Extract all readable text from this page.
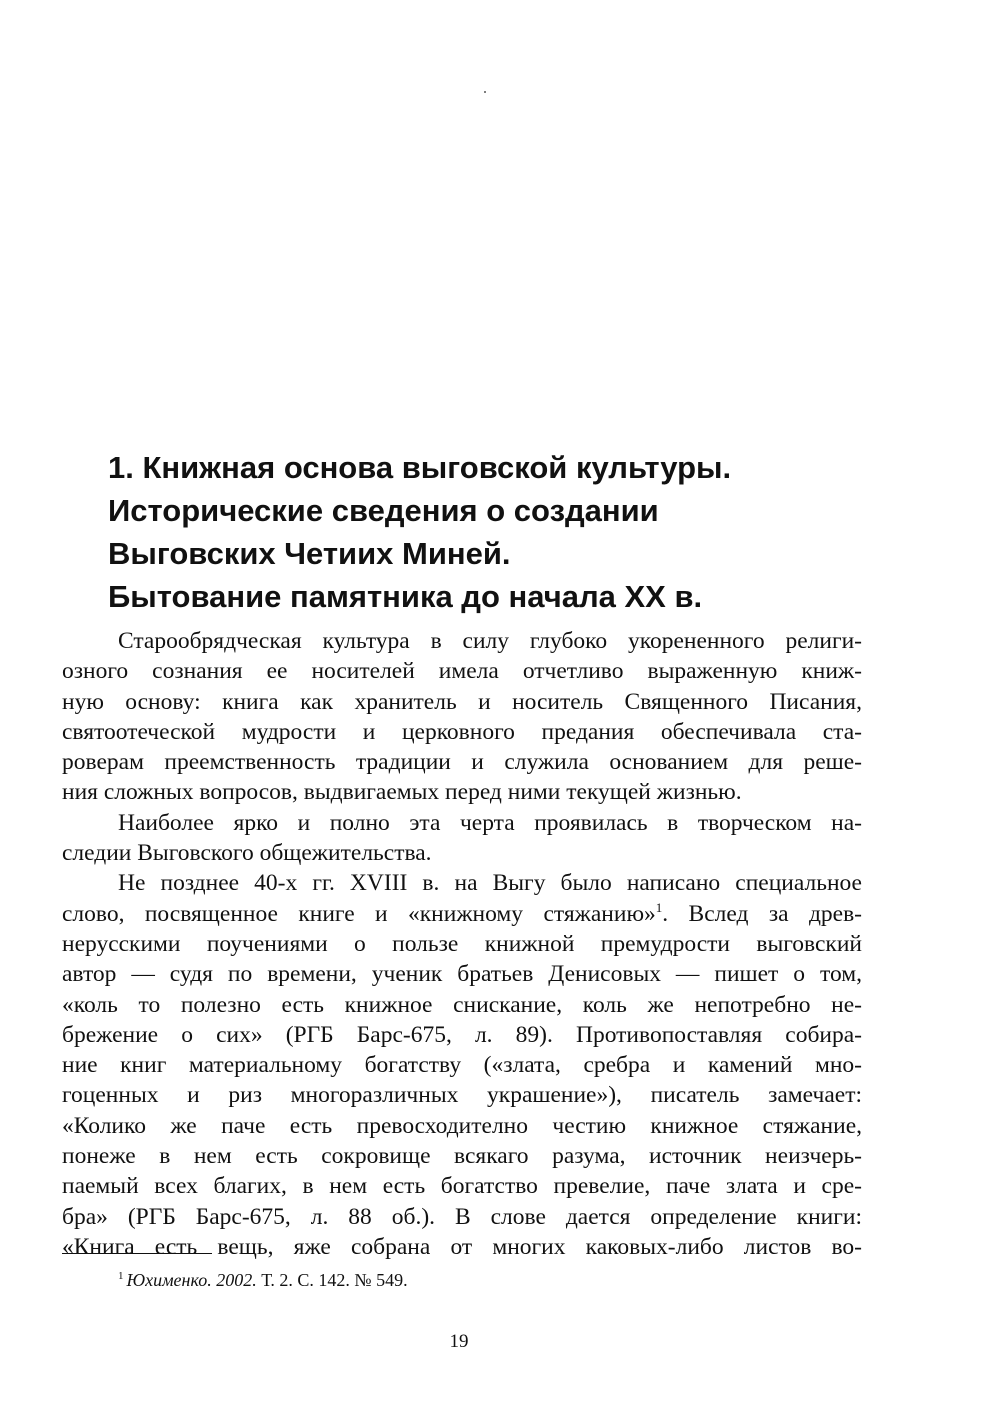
1. Книжная основа выговской культуры.
Исторические сведения о создании
Выговских Четиих Миней.
Бытование памятника до начала XX в.
Старообрядческая культура в силу глубоко укорененного религи-
озного сознания ее носителей имела отчетливо выраженную книж-
ную основу: книга как хранитель и носитель Священного Писания,
святоотеческой мудрости и церковного предания обеспечивала ста-
роверам преемственность традиции и служила основанием для реше-
ния сложных вопросов, выдвигаемых перед ними текущей жизнью.
Наиболее ярко и полно эта черта проявилась в творческом на-
следии Выговского общежительства.
Не позднее 40-х гг. XVIII в. на Выгу было написано специальное
слово, посвященное книге и «книжному стяжанию»$^1$. Вслед за древ-
нерусскими поучениями о пользе книжной премудрости выговский
автор — судя по времени, ученик братьев Денисовых — пишет о том,
«коль то полезно есть книжное снискание, коль же непотребно не-
брежение о сих» (РГБ Барс-675, л. 89). Противопоставляя собира-
ние книг материальному богатству («злата, сребра и камений мно-
гоценных и риз многоразличных украшение»), писатель замечает:
«Колико же паче есть превосходително честию книжное стяжание,
понеже в нем есть сокровище всякаго разума, источник неизчерь-
паемый всех благих, в нем есть богатство превелие, паче злата и сре-
бра» (РГБ Барс-675, л. 88 об.). В слове дается определение книги:
«Книга есть вещь, яже собрана от многих каковых-либо листов во-
$^1$ Юхименко. 2002. Т. 2. С. 142. № 549.
19
